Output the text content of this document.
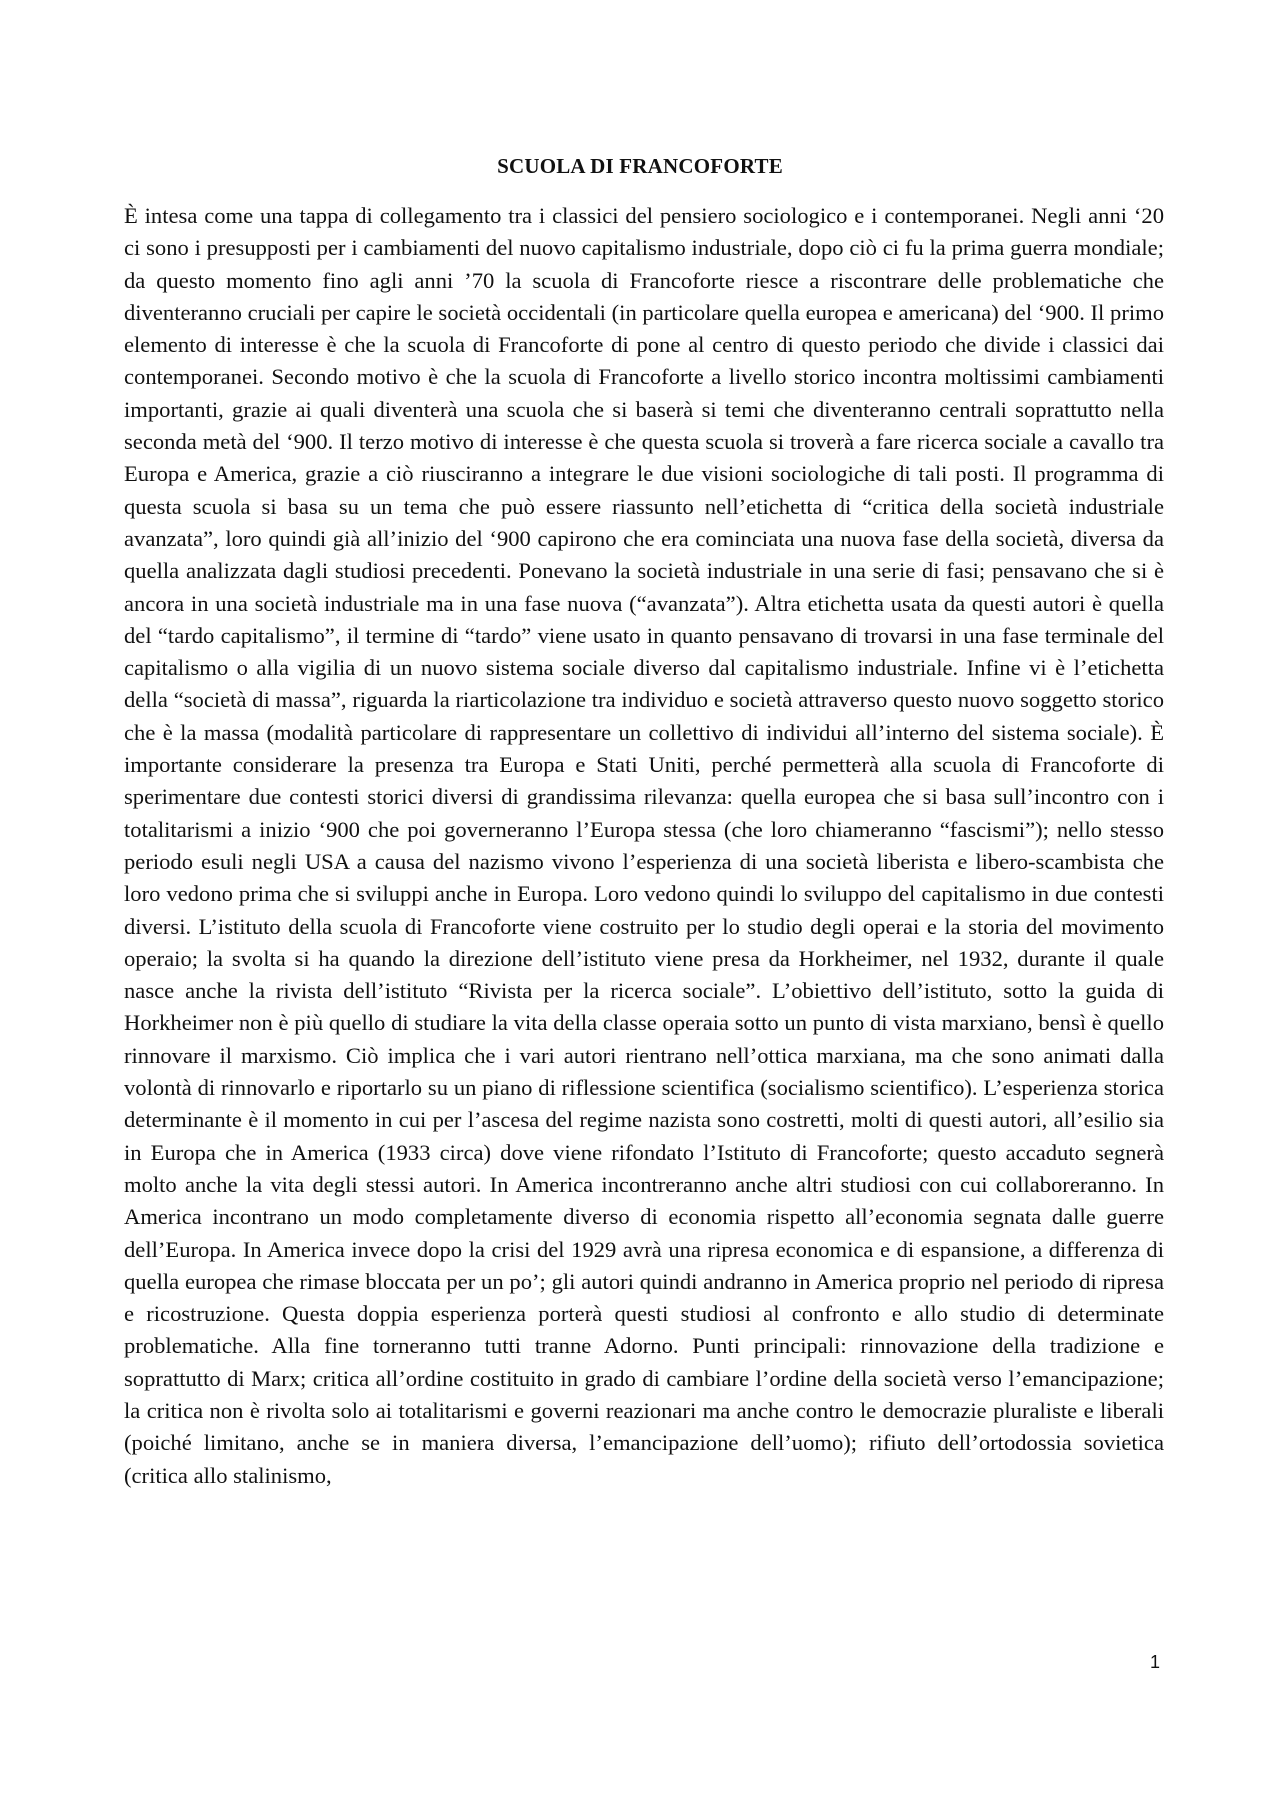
SCUOLA DI FRANCOFORTE

È intesa come una tappa di collegamento tra i classici del pensiero sociologico e i contemporanei. Negli anni ‘20 ci sono i presupposti per i cambiamenti del nuovo capitalismo industriale, dopo ciò ci fu la prima guerra mondiale; da questo momento fino agli anni ’70 la scuola di Francoforte riesce a riscontrare delle problematiche che diventeranno cruciali per capire le società occidentali (in particolare quella europea e americana) del ‘900. Il primo elemento di interesse è che la scuola di Francoforte di pone al centro di questo periodo che divide i classici dai contemporanei. Secondo motivo è che la scuola di Francoforte a livello storico incontra moltissimi cambiamenti importanti, grazie ai quali diventerà una scuola che si baserà si temi che diventeranno centrali soprattutto nella seconda metà del ‘900. Il terzo motivo di interesse è che questa scuola si troverà a fare ricerca sociale a cavallo tra Europa e America, grazie a ciò riusciranno a integrare le due visioni sociologiche di tali posti. Il programma di questa scuola si basa su un tema che può essere riassunto nell’etichetta di “critica della società industriale avanzata”, loro quindi già all’inizio del ‘900 capirono che era cominciata una nuova fase della società, diversa da quella analizzata dagli studiosi precedenti. Ponevano la società industriale in una serie di fasi; pensavano che si è ancora in una società industriale ma in una fase nuova (“avanzata”). Altra etichetta usata da questi autori è quella del “tardo capitalismo”, il termine di “tardo” viene usato in quanto pensavano di trovarsi in una fase terminale del capitalismo o alla vigilia di un nuovo sistema sociale diverso dal capitalismo industriale. Infine vi è l’etichetta della “società di massa”, riguarda la riarticolazione tra individuo e società attraverso questo nuovo soggetto storico che è la massa (modalità particolare di rappresentare un collettivo di individui all’interno del sistema sociale). È importante considerare la presenza tra Europa e Stati Uniti, perché permetterà alla scuola di Francoforte di sperimentare due contesti storici diversi di grandissima rilevanza: quella europea che si basa sull’incontro con i totalitarismi a inizio ‘900 che poi governeranno l’Europa stessa (che loro chiameranno “fascismi”); nello stesso periodo esuli negli USA a causa del nazismo vivono l’esperienza di una società liberista e libero-scambista che loro vedono prima che si sviluppi anche in Europa. Loro vedono quindi lo sviluppo del capitalismo in due contesti diversi. L’istituto della scuola di Francoforte viene costruito per lo studio degli operai e la storia del movimento operaio; la svolta si ha quando la direzione dell’istituto viene presa da Horkheimer, nel 1932, durante il quale nasce anche la rivista dell’istituto “Rivista per la ricerca sociale”. L’obiettivo dell’istituto, sotto la guida di Horkheimer non è più quello di studiare la vita della classe operaia sotto un punto di vista marxiano, bensì è quello rinnovare il marxismo. Ciò implica che i vari autori rientrano nell’ottica marxiana, ma che sono animati dalla volontà di rinnovarlo e riportarlo su un piano di riflessione scientifica (socialismo scientifico). L’esperienza storica determinante è il momento in cui per l’ascesa del regime nazista sono costretti, molti di questi autori, all’esilio sia in Europa che in America (1933 circa) dove viene rifondato l’Istituto di Francoforte; questo accaduto segnerà molto anche la vita degli stessi autori. In America incontreranno anche altri studiosi con cui collaboreranno. In America incontrano un modo completamente diverso di economia rispetto all’economia segnata dalle guerre dell’Europa. In America invece dopo la crisi del 1929 avrà una ripresa economica e di espansione, a differenza di quella europea che rimase bloccata per un po’; gli autori quindi andranno in America proprio nel periodo di ripresa e ricostruzione. Questa doppia esperienza porterà questi studiosi al confronto e allo studio di determinate problematiche. Alla fine torneranno tutti tranne Adorno. Punti principali: rinnovazione della tradizione e soprattutto di Marx; critica all’ordine costituito in grado di cambiare l’ordine della società verso l’emancipazione; la critica non è rivolta solo ai totalitarismi e governi reazionari ma anche contro le democrazie pluraliste e liberali (poiché limitano, anche se in maniera diversa, l’emancipazione dell’uomo); rifiuto dell’ortodossia sovietica (critica allo stalinismo,

1
